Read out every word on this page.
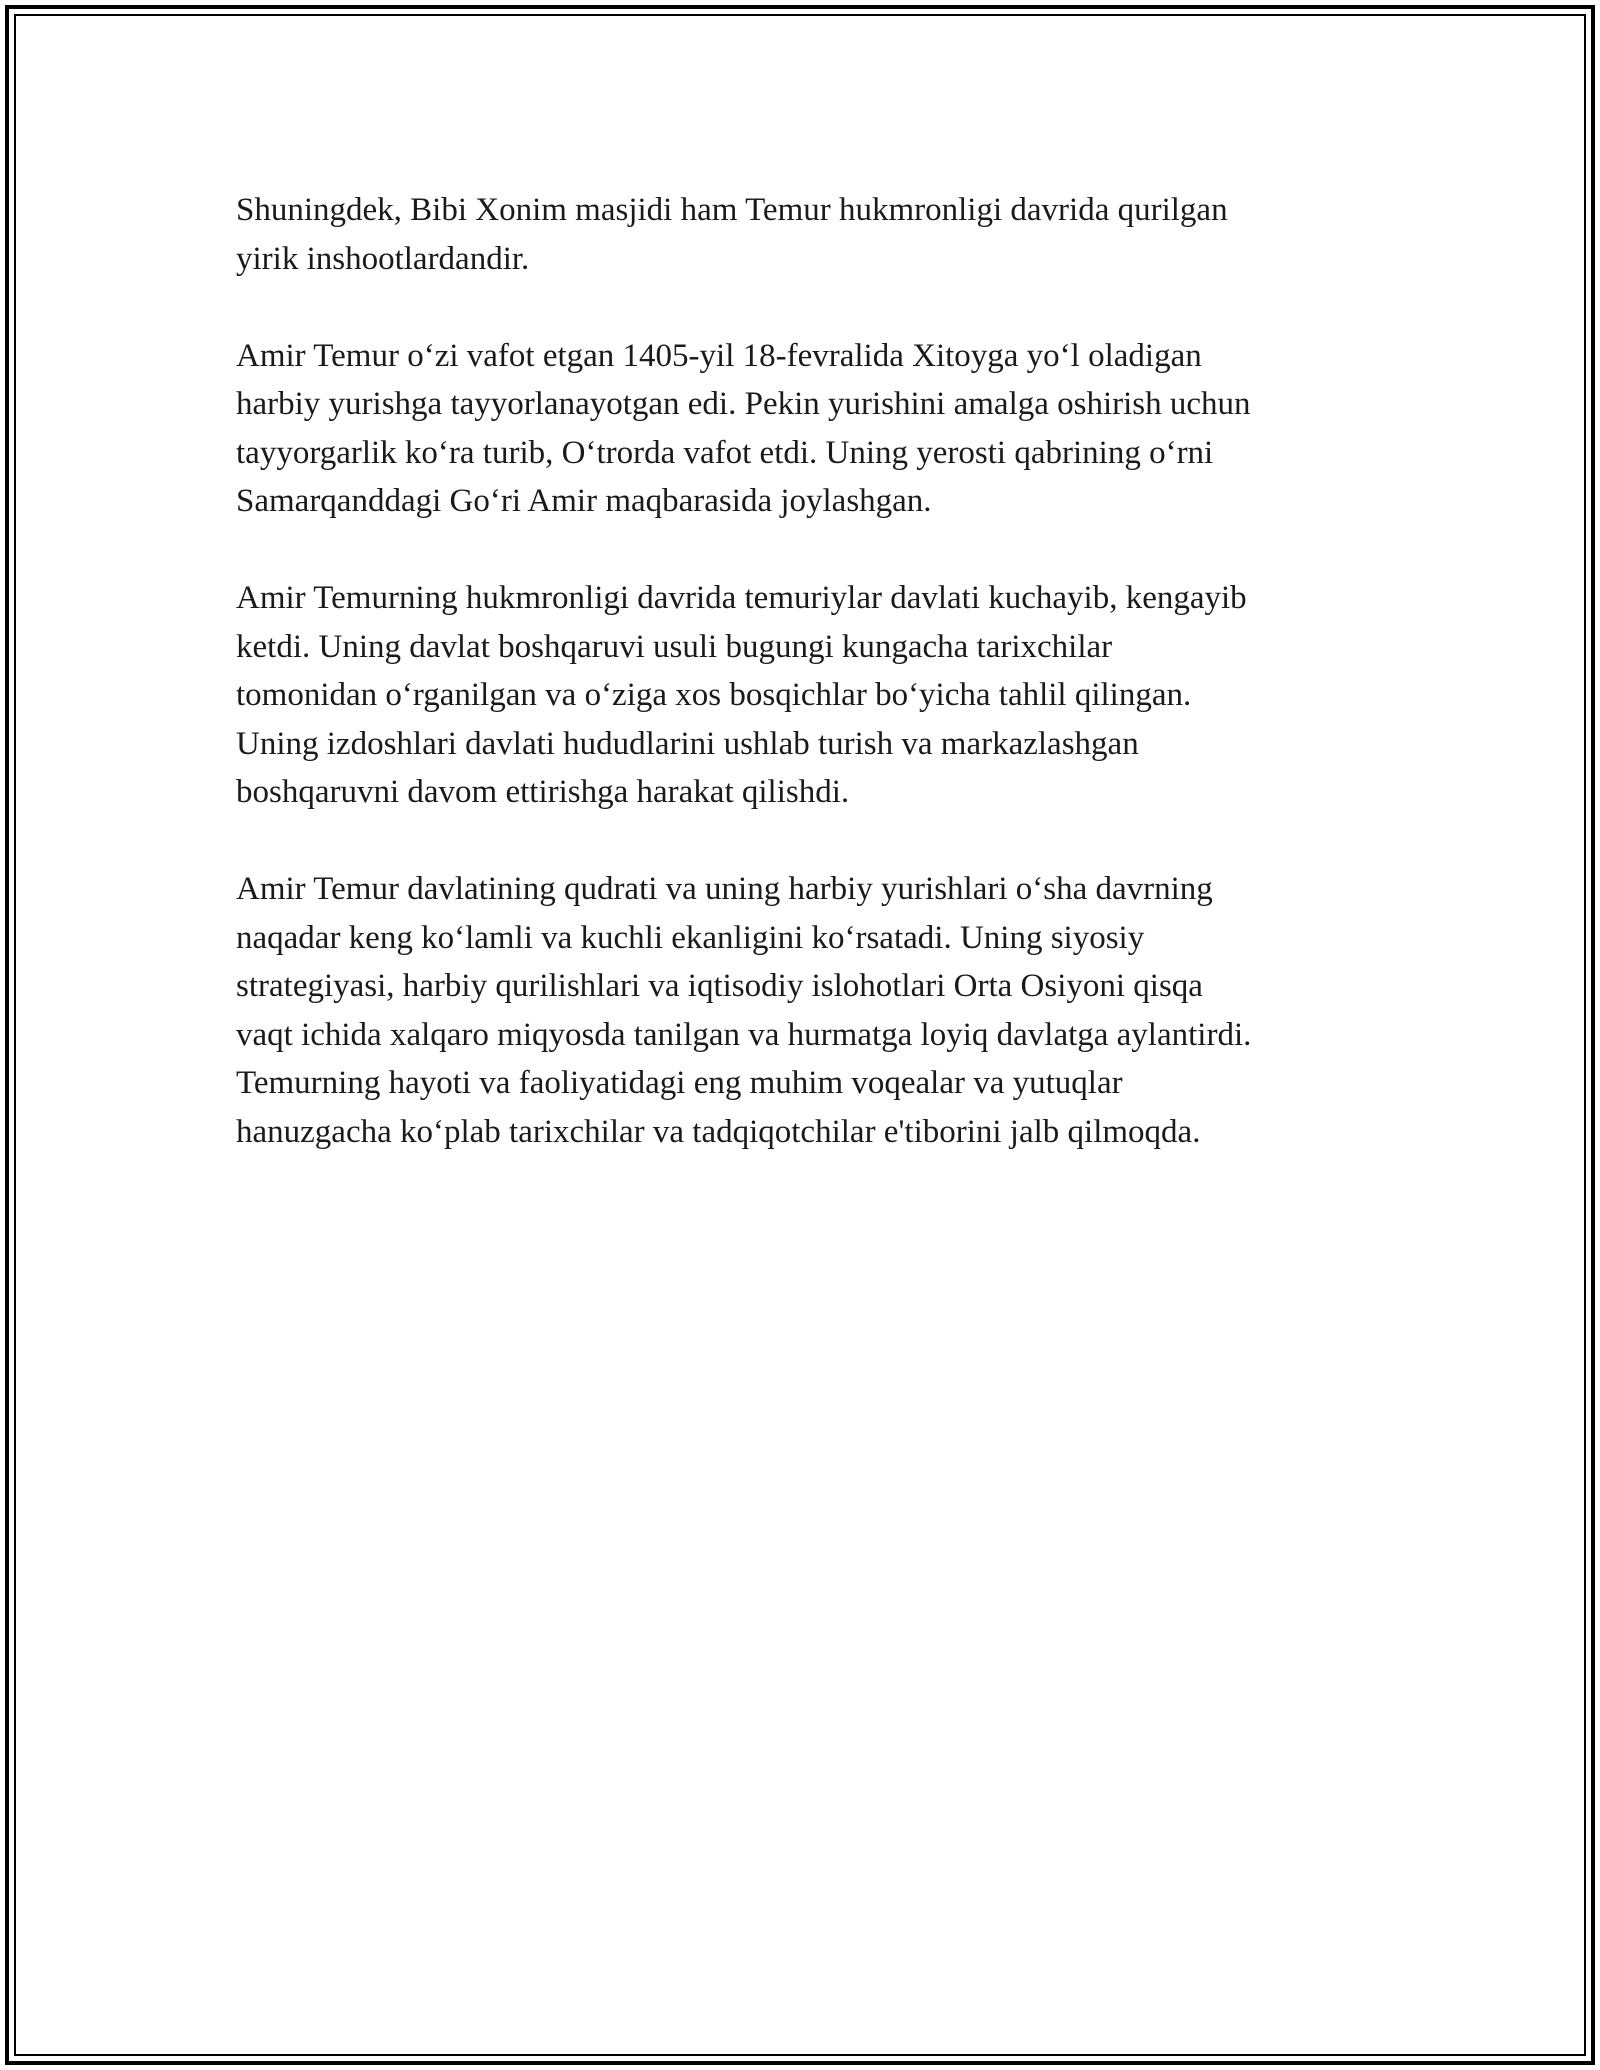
Shuningdek, Bibi Xonim masjidi ham Temur hukmronligi davrida qurilgan
yirik inshootlardandir.

Amir Temur o‘zi vafot etgan 1405-yil 18-fevralida Xitoyga yo‘l oladigan
harbiy yurishga tayyorlanayotgan edi. Pekin yurishini amalga oshirish uchun
tayyorgarlik ko‘ra turib, O‘trorda vafot etdi. Uning yerosti qabrining o‘rni
Samarqanddagi Go‘ri Amir maqbarasida joylashgan.

Amir Temurning hukmronligi davrida temuriylar davlati kuchayib, kengayib
ketdi. Uning davlat boshqaruvi usuli bugungi kungacha tarixchilar
tomonidan o‘rganilgan va o‘ziga xos bosqichlar bo‘yicha tahlil qilingan.
Uning izdoshlari davlati hududlarini ushlab turish va markazlashgan
boshqaruvni davom ettirishga harakat qilishdi.

Amir Temur davlatining qudrati va uning harbiy yurishlari o‘sha davrning
naqadar keng ko‘lamli va kuchli ekanligini ko‘rsatadi. Uning siyosiy
strategiyasi, harbiy qurilishlari va iqtisodiy islohotlari Orta Osiyoni qisqa
vaqt ichida xalqaro miqyosda tanilgan va hurmatga loyiq davlatga aylantirdi.
Temurning hayoti va faoliyatidagi eng muhim voqealar va yutuqlar
hanuzgacha ko‘plab tarixchilar va tadqiqotchilar e'tiborini jalb qilmoqda.
